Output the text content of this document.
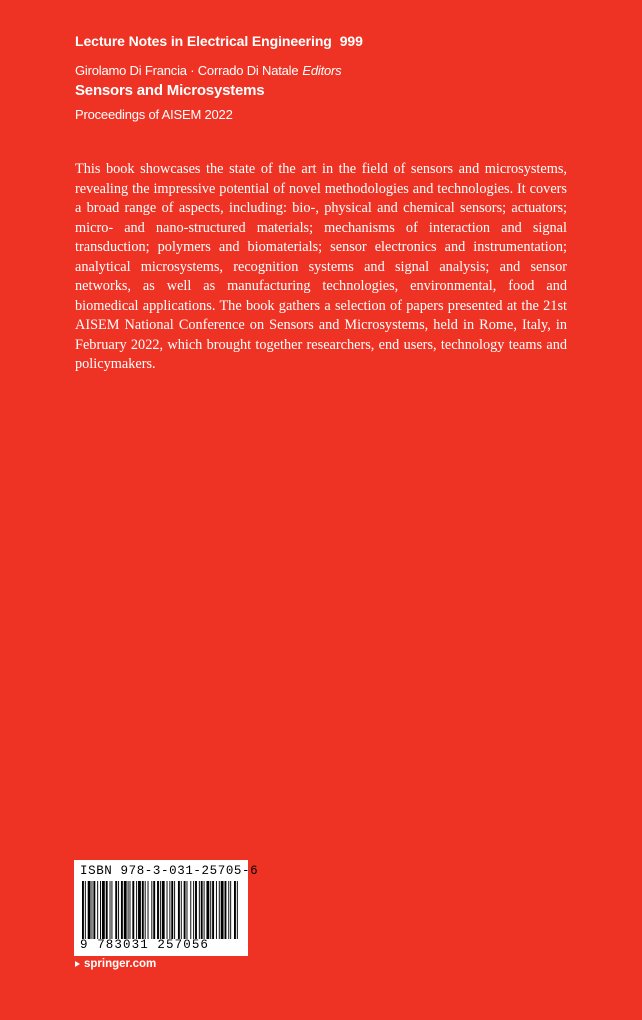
Lecture Notes in Electrical Engineering 999
Girolamo Di Francia · Corrado Di Natale Editors
Sensors and Microsystems
Proceedings of AISEM 2022

This book showcases the state of the art in the field of sensors and microsystems, revealing the impressive potential of novel methodologies and technologies. It covers a broad range of aspects, including: bio-, physical and chemical sensors; actuators; micro- and nano-structured materials; mechanisms of interaction and signal transduction; polymers and biomaterials; sensor electronics and instrumentation; analytical microsystems, recognition systems and signal analysis; and sensor networks, as well as manufacturing technologies, environmental, food and biomedical applications. The book gathers a selection of papers presented at the 21st AISEM National Conference on Sensors and Microsystems, held in Rome, Italy, in February 2022, which brought together researchers, end users, technology teams and policymakers.

ISBN 978-3-031-25705-6
9 783031 257056
springer.com
